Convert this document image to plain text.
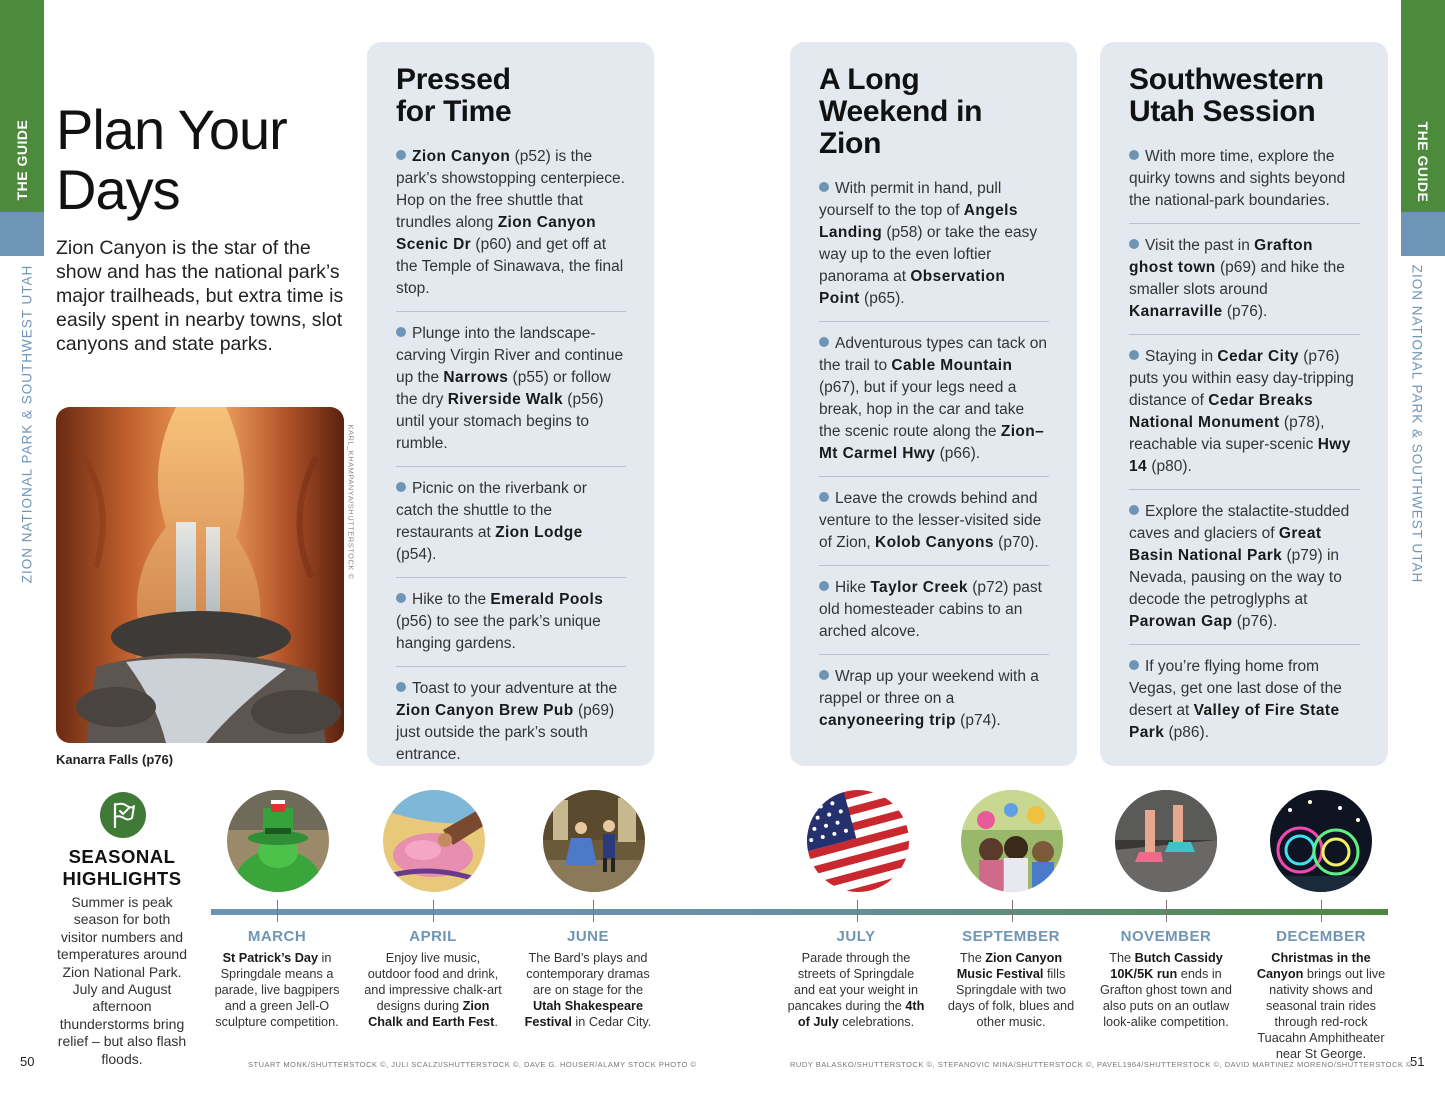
THE GUIDE	THE GUIDE
ZION NATIONAL PARK & SOUTHWEST UTAH	ZION NATIONAL PARK & SOUTHWEST UTAH
Plan Your
Days

Zion Canyon is the star of the show and has the national park’s major trailheads, but extra time is easily spent in nearby towns, slot canyons and state parks.

KARL_KHAMPANYA/SHUTTERSTOCK ©
Kanarra Falls (p76)
Pressed
for Time
Zion Canyon (p52) is the park’s showstopping centerpiece. Hop on the free shuttle that trundles along Zion Canyon Scenic Dr (p60) and get off at the Temple of Sinawava, the final stop.
Plunge into the landscape-carving Virgin River and continue up the Narrows (p55) or follow the dry Riverside Walk (p56) until your stomach begins to rumble.
Picnic on the riverbank or catch the shuttle to the restaurants at Zion Lodge (p54).
Hike to the Emerald Pools (p56) to see the park’s unique hanging gardens.
Toast to your adventure at the Zion Canyon Brew Pub (p69) just outside the park’s south entrance.
A Long
Weekend in Zion
With permit in hand, pull yourself to the top of Angels Landing (p58) or take the easy way up to the even loftier panorama at Observation Point (p65).
Adventurous types can tack on the trail to Cable Mountain (p67), but if your legs need a break, hop in the car and take the scenic route along the Zion–Mt Carmel Hwy (p66).
Leave the crowds behind and venture to the lesser-visited side of Zion, Kolob Canyons (p70).
Hike Taylor Creek (p72) past old homesteader cabins to an arched alcove.
Wrap up your weekend with a rappel or three on a canyoneering trip (p74).
Southwestern
Utah Session
With more time, explore the quirky towns and sights beyond the national-park boundaries.
Visit the past in Grafton ghost town (p69) and hike the smaller slots around Kanarraville (p76).
Staying in Cedar City (p76) puts you within easy day-tripping distance of Cedar Breaks National Monument (p78), reachable via super-scenic Hwy 14 (p80).
Explore the stalactite-studded caves and glaciers of Great Basin National Park (p79) in Nevada, pausing on the way to decode the petroglyphs at Parowan Gap (p76).
If you’re flying home from Vegas, get one last dose of the desert at Valley of Fire State Park (p86).
SEASONAL
HIGHLIGHTS

Summer is peak season for both visitor numbers and temperatures around Zion National Park. July and August afternoon thunderstorms bring relief – but also flash floods.

MARCH
St Patrick’s Day in Springdale means a parade, live bagpipers and a green Jell-O sculpture competition.
APRIL
Enjoy live music, outdoor food and drink, and impressive chalk-art designs during Zion Chalk and Earth Fest.
JUNE
The Bard’s plays and contemporary dramas are on stage for the Utah Shakespeare Festival in Cedar City.
JULY
Parade through the streets of Springdale and eat your weight in pancakes during the 4th of July celebrations.
SEPTEMBER
The Zion Canyon Music Festival fills Springdale with two days of folk, blues and other music.
NOVEMBER
The Butch Cassidy 10K/5K run ends in Grafton ghost town and also puts on an outlaw look-alike competition.
DECEMBER
Christmas in the Canyon brings out live nativity shows and seasonal train rides through red-rock Tuacahn Amphitheater near St George.
STUART MONK/SHUTTERSTOCK ©, JULI SCALZI/SHUTTERSTOCK ©, DAVE G. HOUSER/ALAMY STOCK PHOTO ©	RUDY BALASKO/SHUTTERSTOCK ©, STEFANOVIC MINA/SHUTTERSTOCK ©, PAVEL1964/SHUTTERSTOCK ©, DAVID MARTINEZ MORENO/SHUTTERSTOCK ©
50	51
